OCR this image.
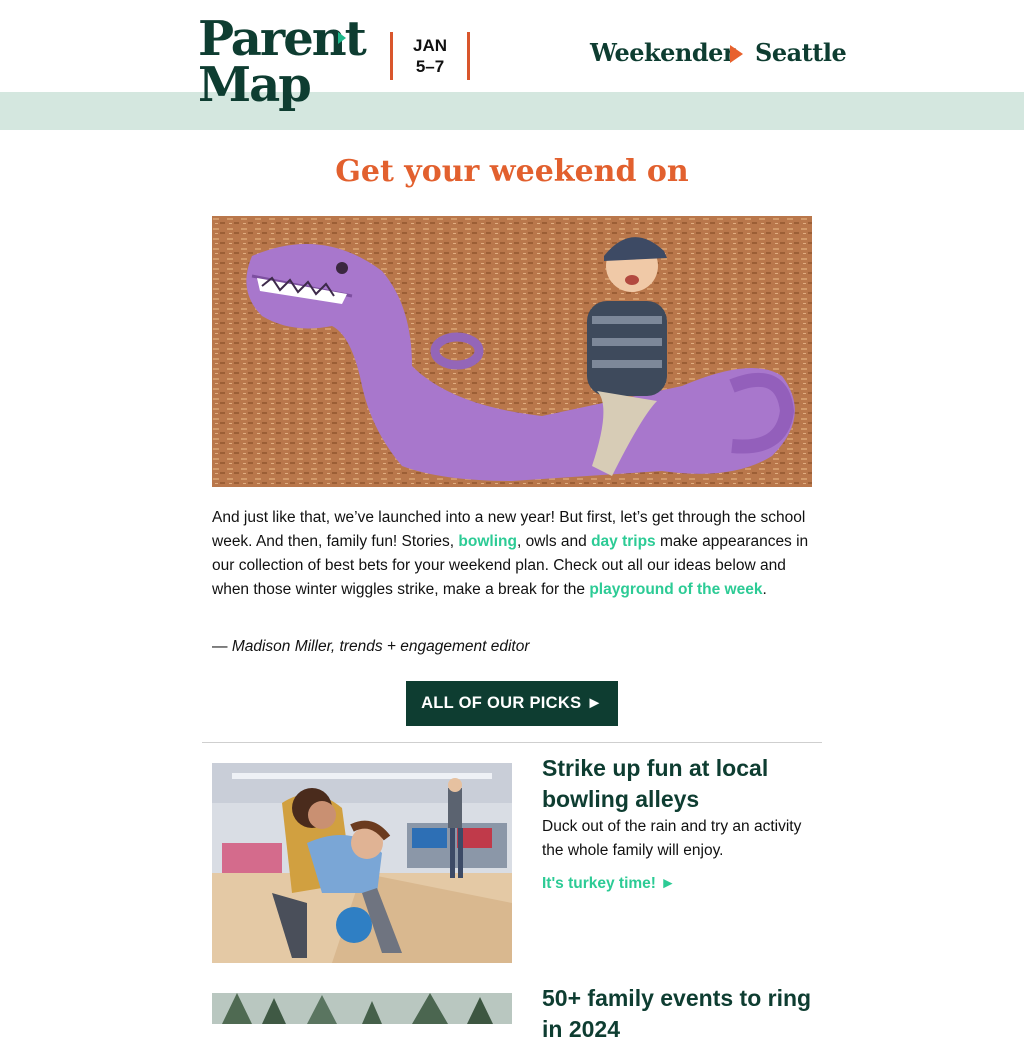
Parent
Map
JAN
5–7	Weekender Seattle
Get your weekend on
And just like that, we’ve launched into a new year! But first, let’s get through the school week. And then, family fun! Stories, bowling, owls and day trips make appearances in our collection of best bets for your weekend plan. Check out all our ideas below and when those winter wiggles strike, make a break for the playground of the week.
— Madison Miller, trends + engagement editor
ALL OF OUR PICKS ►
Strike up fun at local bowling alleys
Duck out of the rain and try an activity the whole family will enjoy.
It's turkey time! ►
50+ family events to ring in 2024
